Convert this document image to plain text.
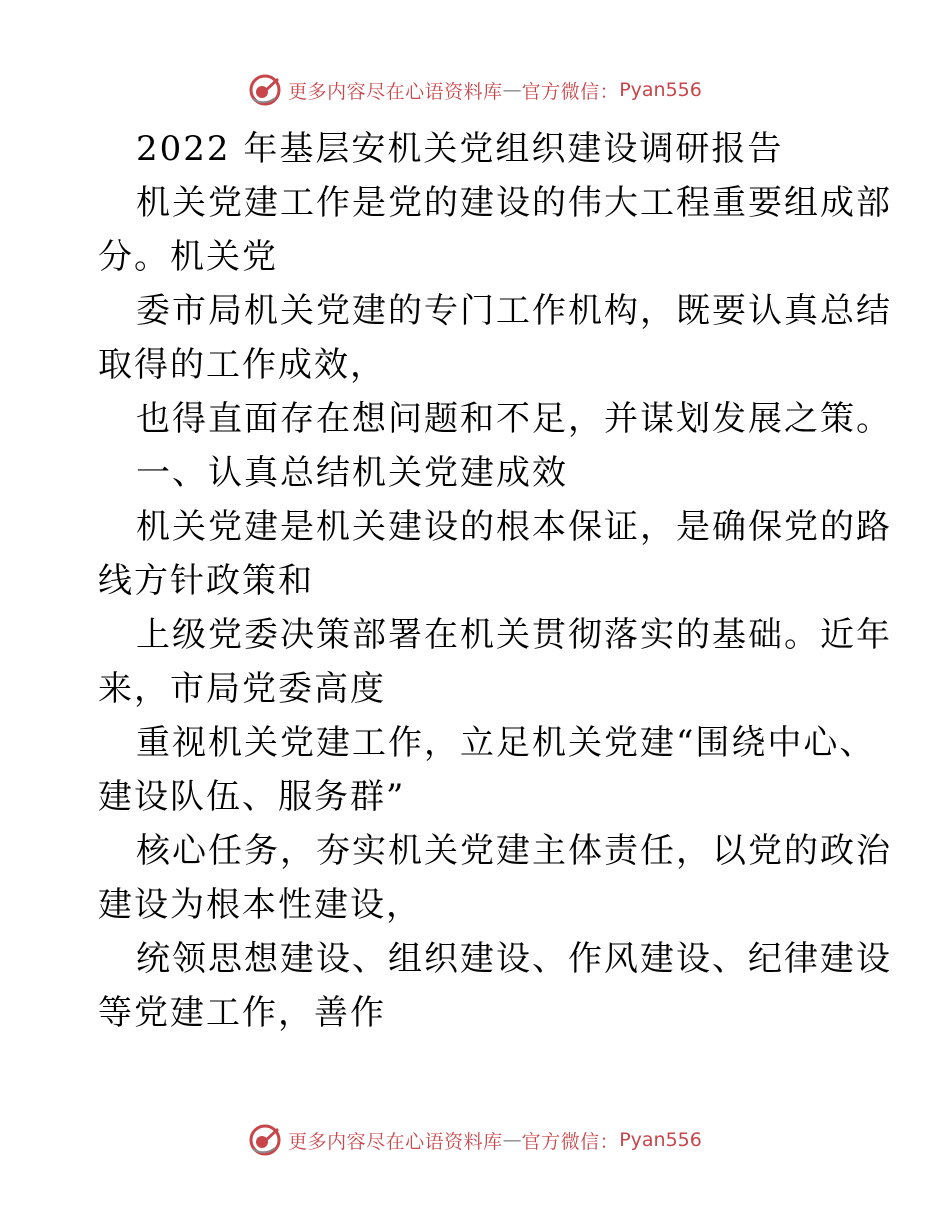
更多内容尽在心语资料库 — 官方微信： Pyan556
2022 年基层安机关党组织建设调研报告
机关党建工作是党的建设的伟大工程重要组成部
分。机关党
委市局机关党建的专门工作机构，既要认真总结
取得的工作成效，
也得直面存在想问题和不足，并谋划发展之策。
一、认真总结机关党建成效
机关党建是机关建设的根本保证，是确保党的路
线方针政策和
上级党委决策部署在机关贯彻落实的基础。近年
来，市局党委高度
重视机关党建工作，立足机关党建“围绕中心、
建设队伍、服务群”
核心任务，夯实机关党建主体责任，以党的政治
建设为根本性建设，
统领思想建设、组织建设、作风建设、纪律建设
等党建工作，善作
更多内容尽在心语资料库 — 官方微信： Pyan556
